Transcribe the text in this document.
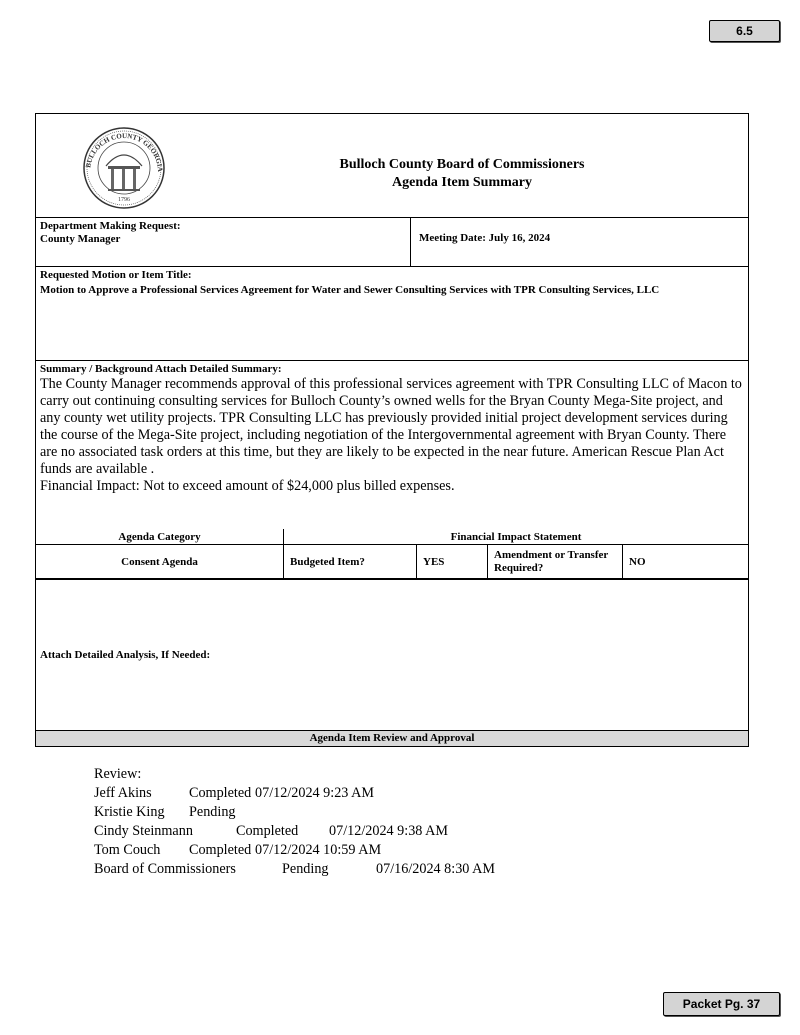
6.5
1796
BULLOCH COUNTY GEORGIA	Bulloch County Board of Commissioners
Agenda Item Summary
Department Making Request:
County Manager	Meeting Date: July 16, 2024
Requested Motion or Item Title:
Motion to Approve a Professional Services Agreement for Water and Sewer Consulting Services with TPR Consulting Services, LLC
Summary / Background Attach Detailed Summary:
The County Manager recommends approval of this professional services agreement with TPR Consulting LLC of Macon to carry out continuing consulting services for Bulloch County’s owned wells for the Bryan County Mega-Site project, and any county wet utility projects. TPR Consulting LLC has previously provided initial project development services during the course of the Mega-Site project, including negotiation of the Intergovernmental agreement with Bryan County. There are no associated task orders at this time, but they are likely to be expected in the near future. American Rescue Plan Act funds are available .
Financial Impact: Not to exceed amount of $24,000 plus billed expenses.
Agenda Category	Financial Impact Statement			
Consent Agenda	Budgeted Item?	YES	Amendment or Transfer Required?	NO
Attach Detailed Analysis, If Needed:
Agenda Item Review and Approval
Review:
Jeff Akins	Completed 07/12/2024 9:23 AM
Kristie King Pending
Cindy Steinmann	Completed 07/12/2024 9:38 AM
Tom Couch Completed 07/12/2024 10:59 AM
Board of Commissioners	Pending	07/16/2024 8:30 AM
Packet Pg. 37
